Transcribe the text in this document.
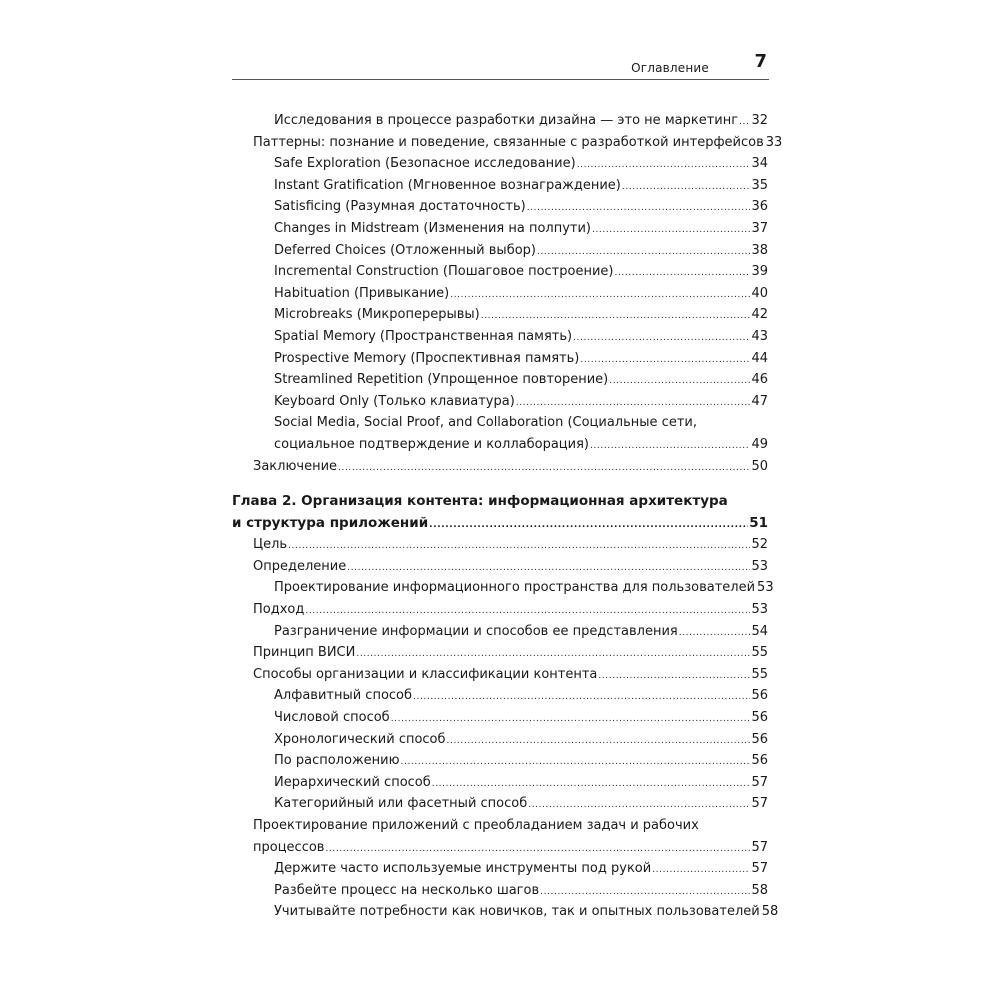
Оглавление	7
Исследования в процессе разработки дизайна — это не маркетинг ..... 32
Паттерны: познание и поведение, связанные с разработкой интерфейсов ..... 33
Safe Exploration (Безопасное исследование) .....	34
Instant Gratification (Мгновенное вознаграждение) .....	35
Satisficing (Разумная достаточность) .....	36
Changes in Midstream (Изменения на полпути) .....	37
Deferred Choices (Отложенный выбор) .....	38
Incremental Construction (Пошаговое построение) .....	39
Habituation (Привыкание) .....	40
Microbreaks (Микроперерывы) .....	42
Spatial Memory (Пространственная память) .....	43
Prospective Memory (Проспективная память) .....	44
Streamlined Repetition (Упрощенное повторение) .....	46
Keyboard Only (Только клавиатура) .....	47
Social Media, Social Proof, and Collaboration (Социальные сети,
социальное подтверждение и коллаборация) .....	49
Заключение .....	50
Глава 2. Организация контента: информационная архитектура
и структура приложений .....	51
Цель .....	52
Определение .....	53
Проектирование информационного пространства для пользователей ..... 53
Подход .....	53
Разграничение информации и способов ее представления .....	54
Принцип ВИСИ .....	55
Способы организации и классификации контента .....	55
Алфавитный способ .....	56
Числовой способ .....	56
Хронологический способ .....	56
По расположению .....	56
Иерархический способ .....	57
Категорийный или фасетный способ .....	57
Проектирование приложений с преобладанием задач и рабочих
процессов .....	57
Держите часто используемые инструменты под рукой .....	57
Разбейте процесс на несколько шагов .....	58
Учитывайте потребности как новичков, так и опытных пользователей ..... 58
